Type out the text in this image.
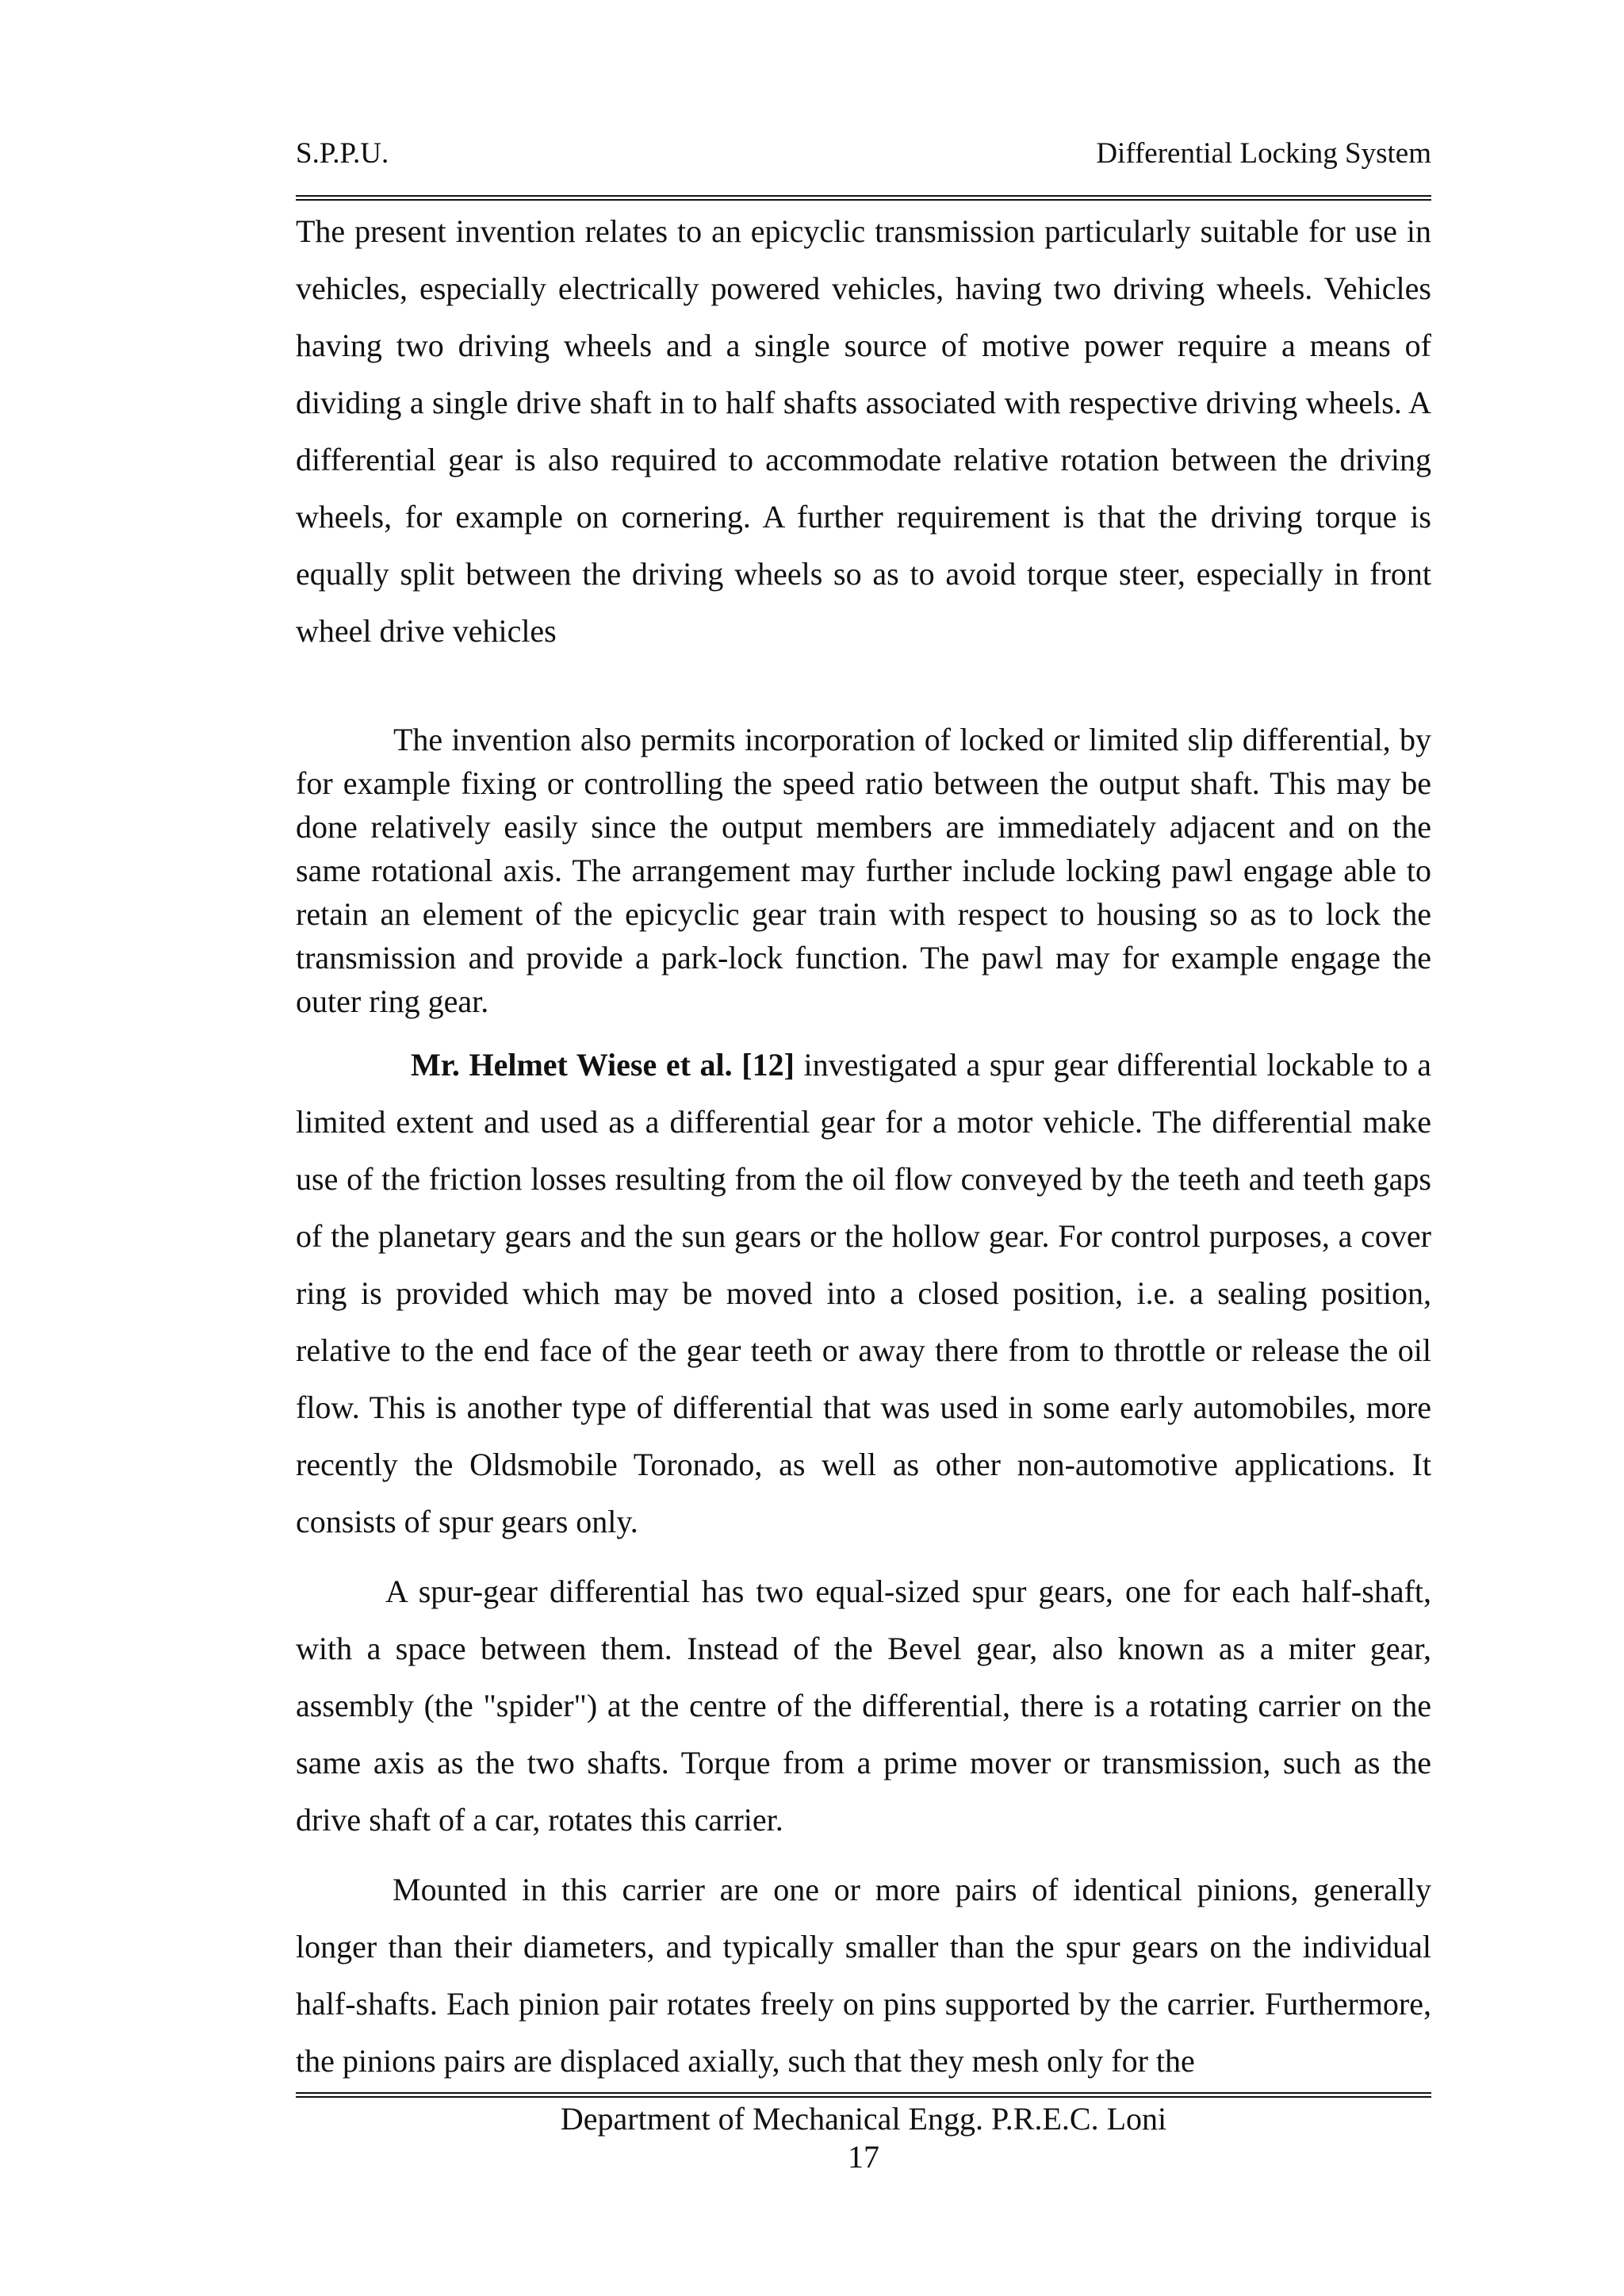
S.P.P.U.	Differential Locking System

The present invention relates to an epicyclic transmission particularly suitable for use in vehicles, especially electrically powered vehicles, having two driving wheels. Vehicles having two driving wheels and a single source of motive power require a means of dividing a single drive shaft in to half shafts associated with respective driving wheels. A differential gear is also required to accommodate relative rotation between the driving wheels, for example on cornering. A further requirement is that the driving torque is equally split between the driving wheels so as to avoid torque steer, especially in front wheel drive vehicles

The invention also permits incorporation of locked or limited slip differential, by for example fixing or controlling the speed ratio between the output shaft. This may be done relatively easily since the output members are immediately adjacent and on the same rotational axis. The arrangement may further include locking pawl engage able to retain an element of the epicyclic gear train with respect to housing so as to lock the transmission and provide a park-lock function. The pawl may for example engage the outer ring gear.

Mr. Helmet Wiese et al. [12] investigated a spur gear differential lockable to a limited extent and used as a differential gear for a motor vehicle. The differential make use of the friction losses resulting from the oil flow conveyed by the teeth and teeth gaps of the planetary gears and the sun gears or the hollow gear. For control purposes, a cover ring is provided which may be moved into a closed position, i.e. a sealing position, relative to the end face of the gear teeth or away there from to throttle or release the oil flow. This is another type of differential that was used in some early automobiles, more recently the Oldsmobile Toronado, as well as other non-automotive applications. It consists of spur gears only.

A spur-gear differential has two equal-sized spur gears, one for each half-shaft, with a space between them. Instead of the Bevel gear, also known as a miter gear, assembly (the "spider") at the centre of the differential, there is a rotating carrier on the same axis as the two shafts. Torque from a prime mover or transmission, such as the drive shaft of a car, rotates this carrier.

Mounted in this carrier are one or more pairs of identical pinions, generally longer than their diameters, and typically smaller than the spur gears on the individual half-shafts. Each pinion pair rotates freely on pins supported by the carrier. Furthermore, the pinions pairs are displaced axially, such that they mesh only for the

Department of Mechanical Engg. P.R.E.C. Loni
17
